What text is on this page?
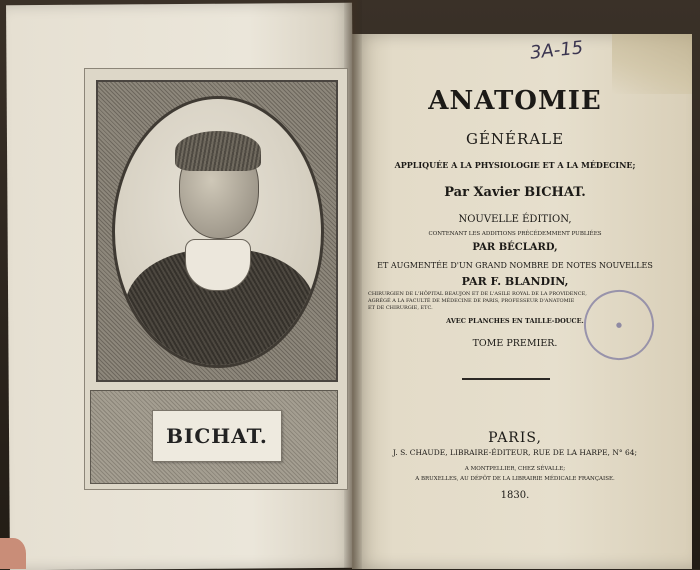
BICHAT.
3A-15
ANATOMIE
GÉNÉRALE
APPLIQUÉE A LA PHYSIOLOGIE ET A LA MÉDECINE;
Par Xavier BICHAT.
NOUVELLE ÉDITION,
CONTENANT LES ADDITIONS PRÉCÉDEMMENT PUBLIÉES
PAR BÉCLARD,
ET AUGMENTÉE D'UN GRAND NOMBRE DE NOTES NOUVELLES
PAR F. BLANDIN,
CHIRURGIEN DE L'HÔPITAL BEAUJON ET DE L'ASILE ROYAL DE LA PROVIDENCE,
AGRÉGÉ A LA FACULTÉ DE MÉDECINE DE PARIS, PROFESSEUR D'ANATOMIE
ET DE CHIRURGIE, ETC.
AVEC PLANCHES EN TAILLE-DOUCE.
TOME PREMIER.
●
PARIS,
J. S. CHAUDE, LIBRAIRE-ÉDITEUR, RUE DE LA HARPE, N° 64;
A MONTPELLIER, CHEZ SÉVALLE;
A BRUXELLES, AU DÉPÔT DE LA LIBRAIRIE MÉDICALE FRANÇAISE.
1830.
